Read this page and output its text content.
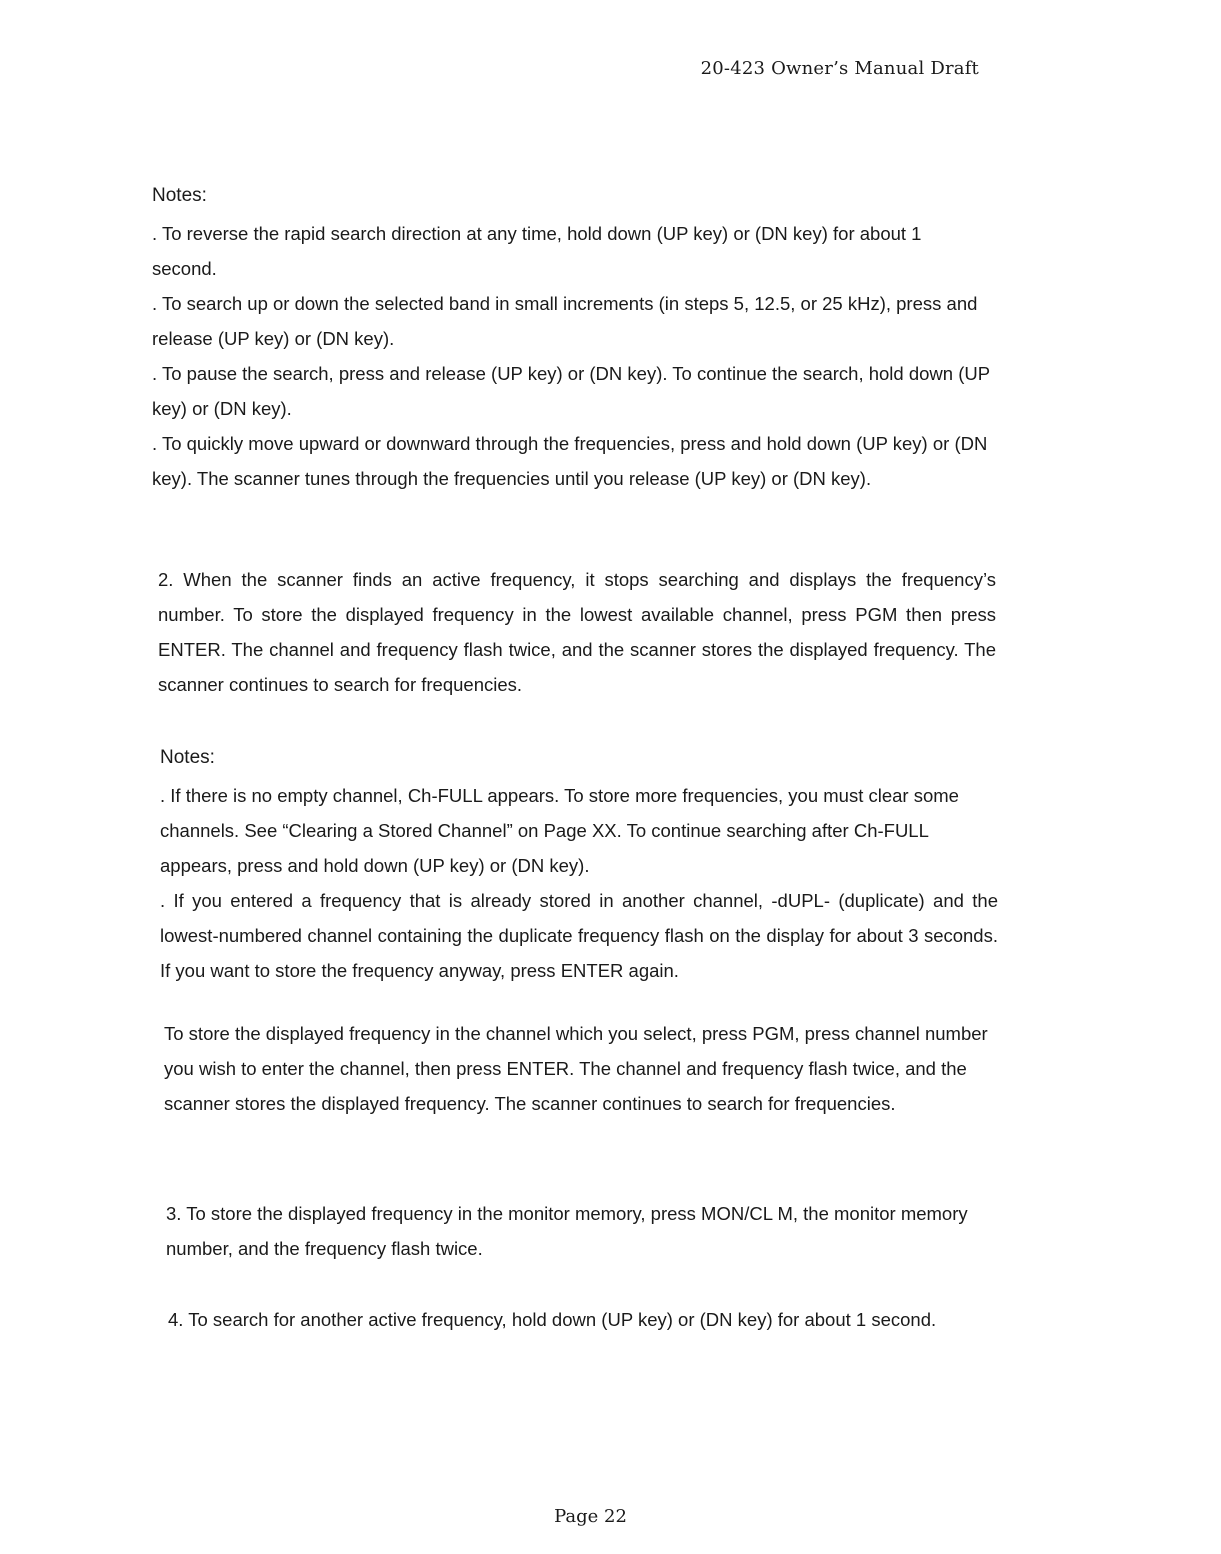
20-423 Owner’s Manual Draft

Notes:

. To reverse the rapid search direction at any time, hold down (UP key) or (DN key) for about 1 second.

. To search up or down the selected band in small increments (in steps 5, 12.5, or 25 kHz), press and release (UP key) or (DN key).

. To pause the search, press and release (UP key) or (DN key). To continue the search, hold down (UP key) or (DN key).

. To quickly move upward or downward through the frequencies, press and hold down (UP key) or (DN key). The scanner tunes through the frequencies until you release (UP key) or (DN key).

2. When the scanner finds an active frequency, it stops searching and displays the frequency’s number. To store the displayed frequency in the lowest available channel, press PGM then press ENTER. The channel and frequency flash twice, and the scanner stores the displayed frequency. The scanner continues to search for frequencies.

Notes:

. If there is no empty channel, Ch-FULL appears. To store more frequencies, you must clear some channels. See “Clearing a Stored Channel” on Page XX. To continue searching after Ch-FULL appears, press and hold down (UP key) or (DN key).

. If you entered a frequency that is already stored in another channel, -dUPL- (duplicate) and the lowest-numbered channel containing the duplicate frequency flash on the display for about 3 seconds. If you want to store the frequency anyway, press ENTER again.

To store the displayed frequency in the channel which you select, press PGM, press channel number you wish to enter the channel, then press ENTER. The channel and frequency flash twice, and the scanner stores the displayed frequency. The scanner continues to search for frequencies.

3. To store the displayed frequency in the monitor memory, press MON/CL M, the monitor memory number, and the frequency flash twice.

4. To search for another active frequency, hold down (UP key) or (DN key) for about 1 second.

Page 22
